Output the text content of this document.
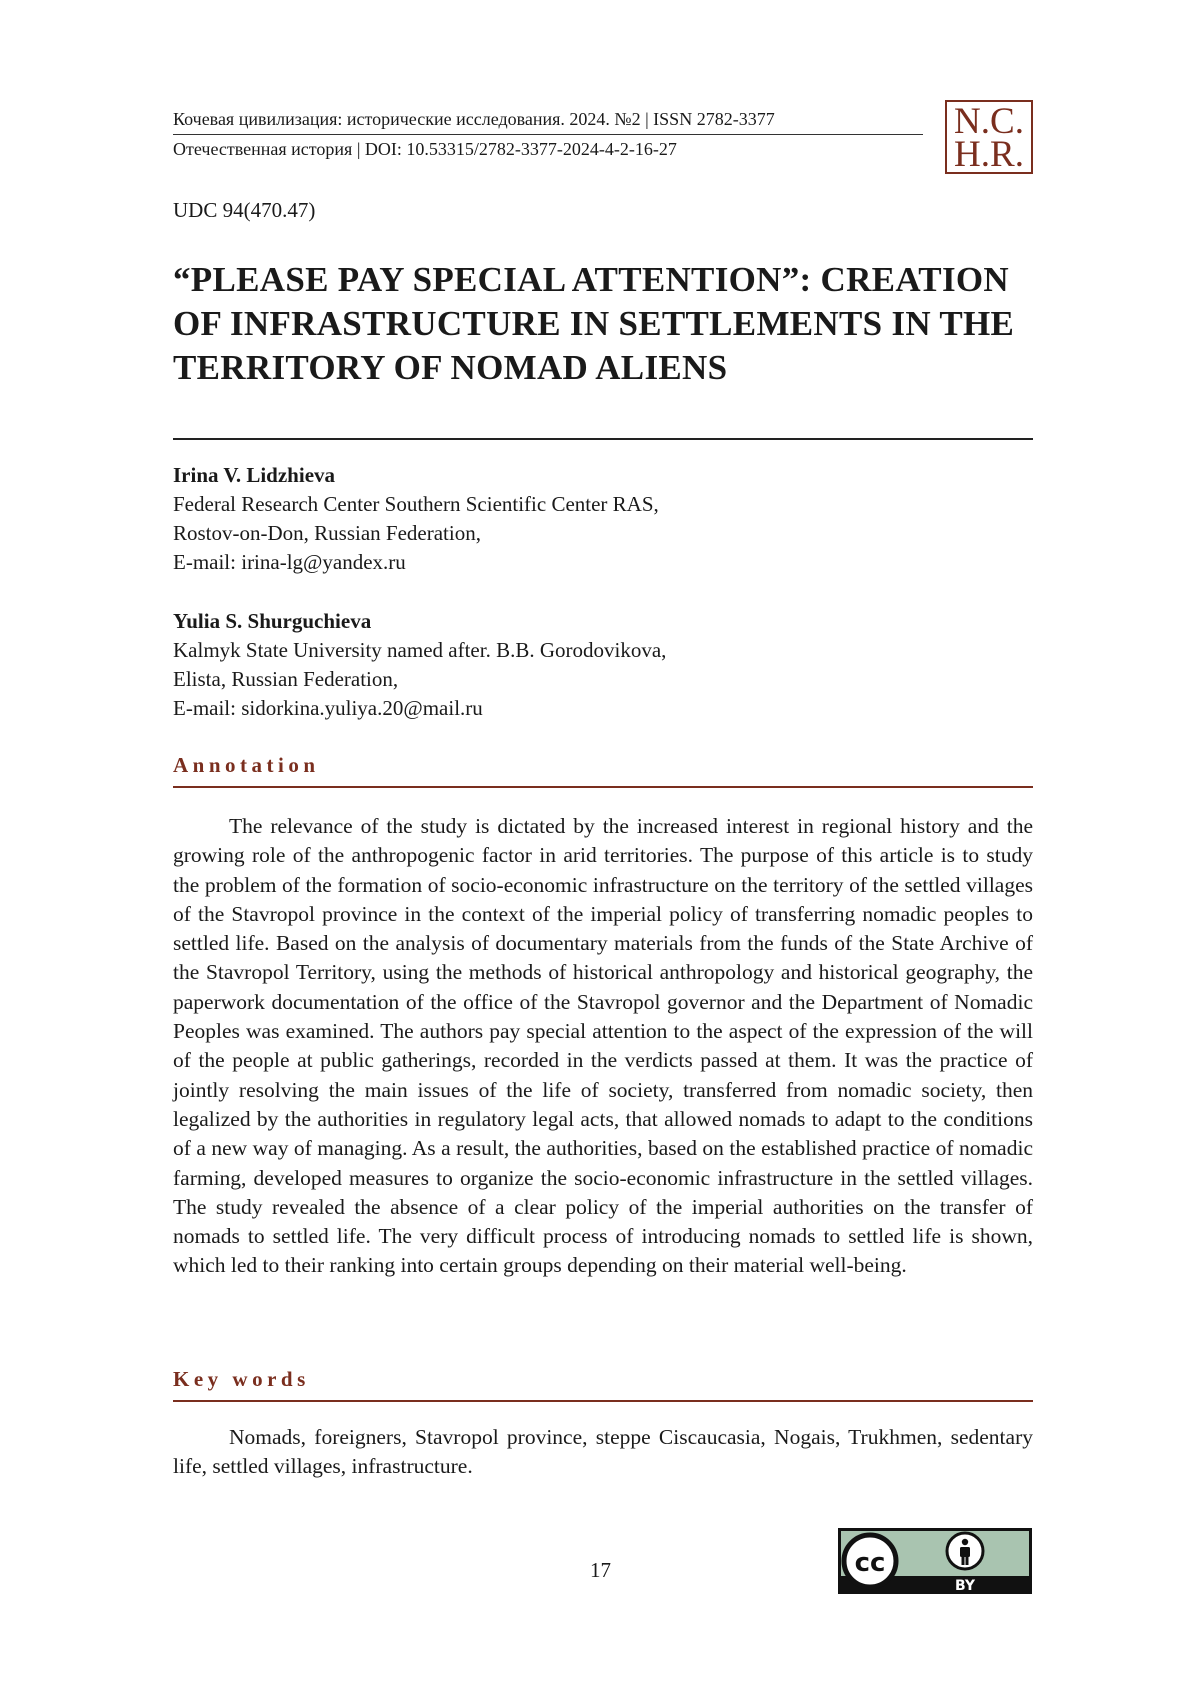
Кочевая цивилизация: исторические исследования. 2024. №2 | ISSN 2782-3377
Отечественная история | DOI: 10.53315/2782-3377-2024-4-2-16-27
N.C.
H.R.
UDC 94(470.47)
“PLEASE PAY SPECIAL ATTENTION”: CREATION OF INFRASTRUCTURE IN SETTLEMENTS IN THE TERRITORY OF NOMAD ALIENS
Irina V. Lidzhieva
Federal Research Center Southern Scientific Center RAS,
Rostov-on-Don, Russian Federation,
E-mail: irina-lg@yandex.ru
Yulia S. Shurguchieva
Kalmyk State University named after. B.B. Gorodovikova,
Elista, Russian Federation,
E-mail: sidorkina.yuliya.20@mail.ru
Annotation

The relevance of the study is dictated by the increased interest in regional history and the growing role of the anthropogenic factor in arid territories. The purpose of this article is to study the problem of the formation of socio-economic infrastructure on the territory of the settled villages of the Stavropol province in the context of the imperial policy of transferring nomadic peoples to settled life. Based on the analysis of documentary materials from the funds of the State Archive of the Stavropol Territory, using the methods of historical anthropology and historical geography, the paperwork documentation of the office of the Stavropol governor and the Department of Nomadic Peoples was examined. The authors pay special attention to the aspect of the expression of the will of the people at public gatherings, recorded in the verdicts passed at them. It was the practice of jointly resolving the main issues of the life of society, transferred from nomadic society, then legalized by the authorities in regulatory legal acts, that allowed nomads to adapt to the conditions of a new way of managing. As a result, the authorities, based on the established practice of nomadic farming, developed measures to organize the socio-economic infrastructure in the settled villages. The study revealed the absence of a clear policy of the imperial authorities on the transfer of nomads to settled life. The very difficult process of introducing nomads to settled life is shown, which led to their ranking into certain groups depending on their material well-being.

Key words

Nomads, foreigners, Stavropol province, steppe Ciscaucasia, Nogais, Trukhmen, sedentary life, settled villages, infrastructure.

17	cc
BY
